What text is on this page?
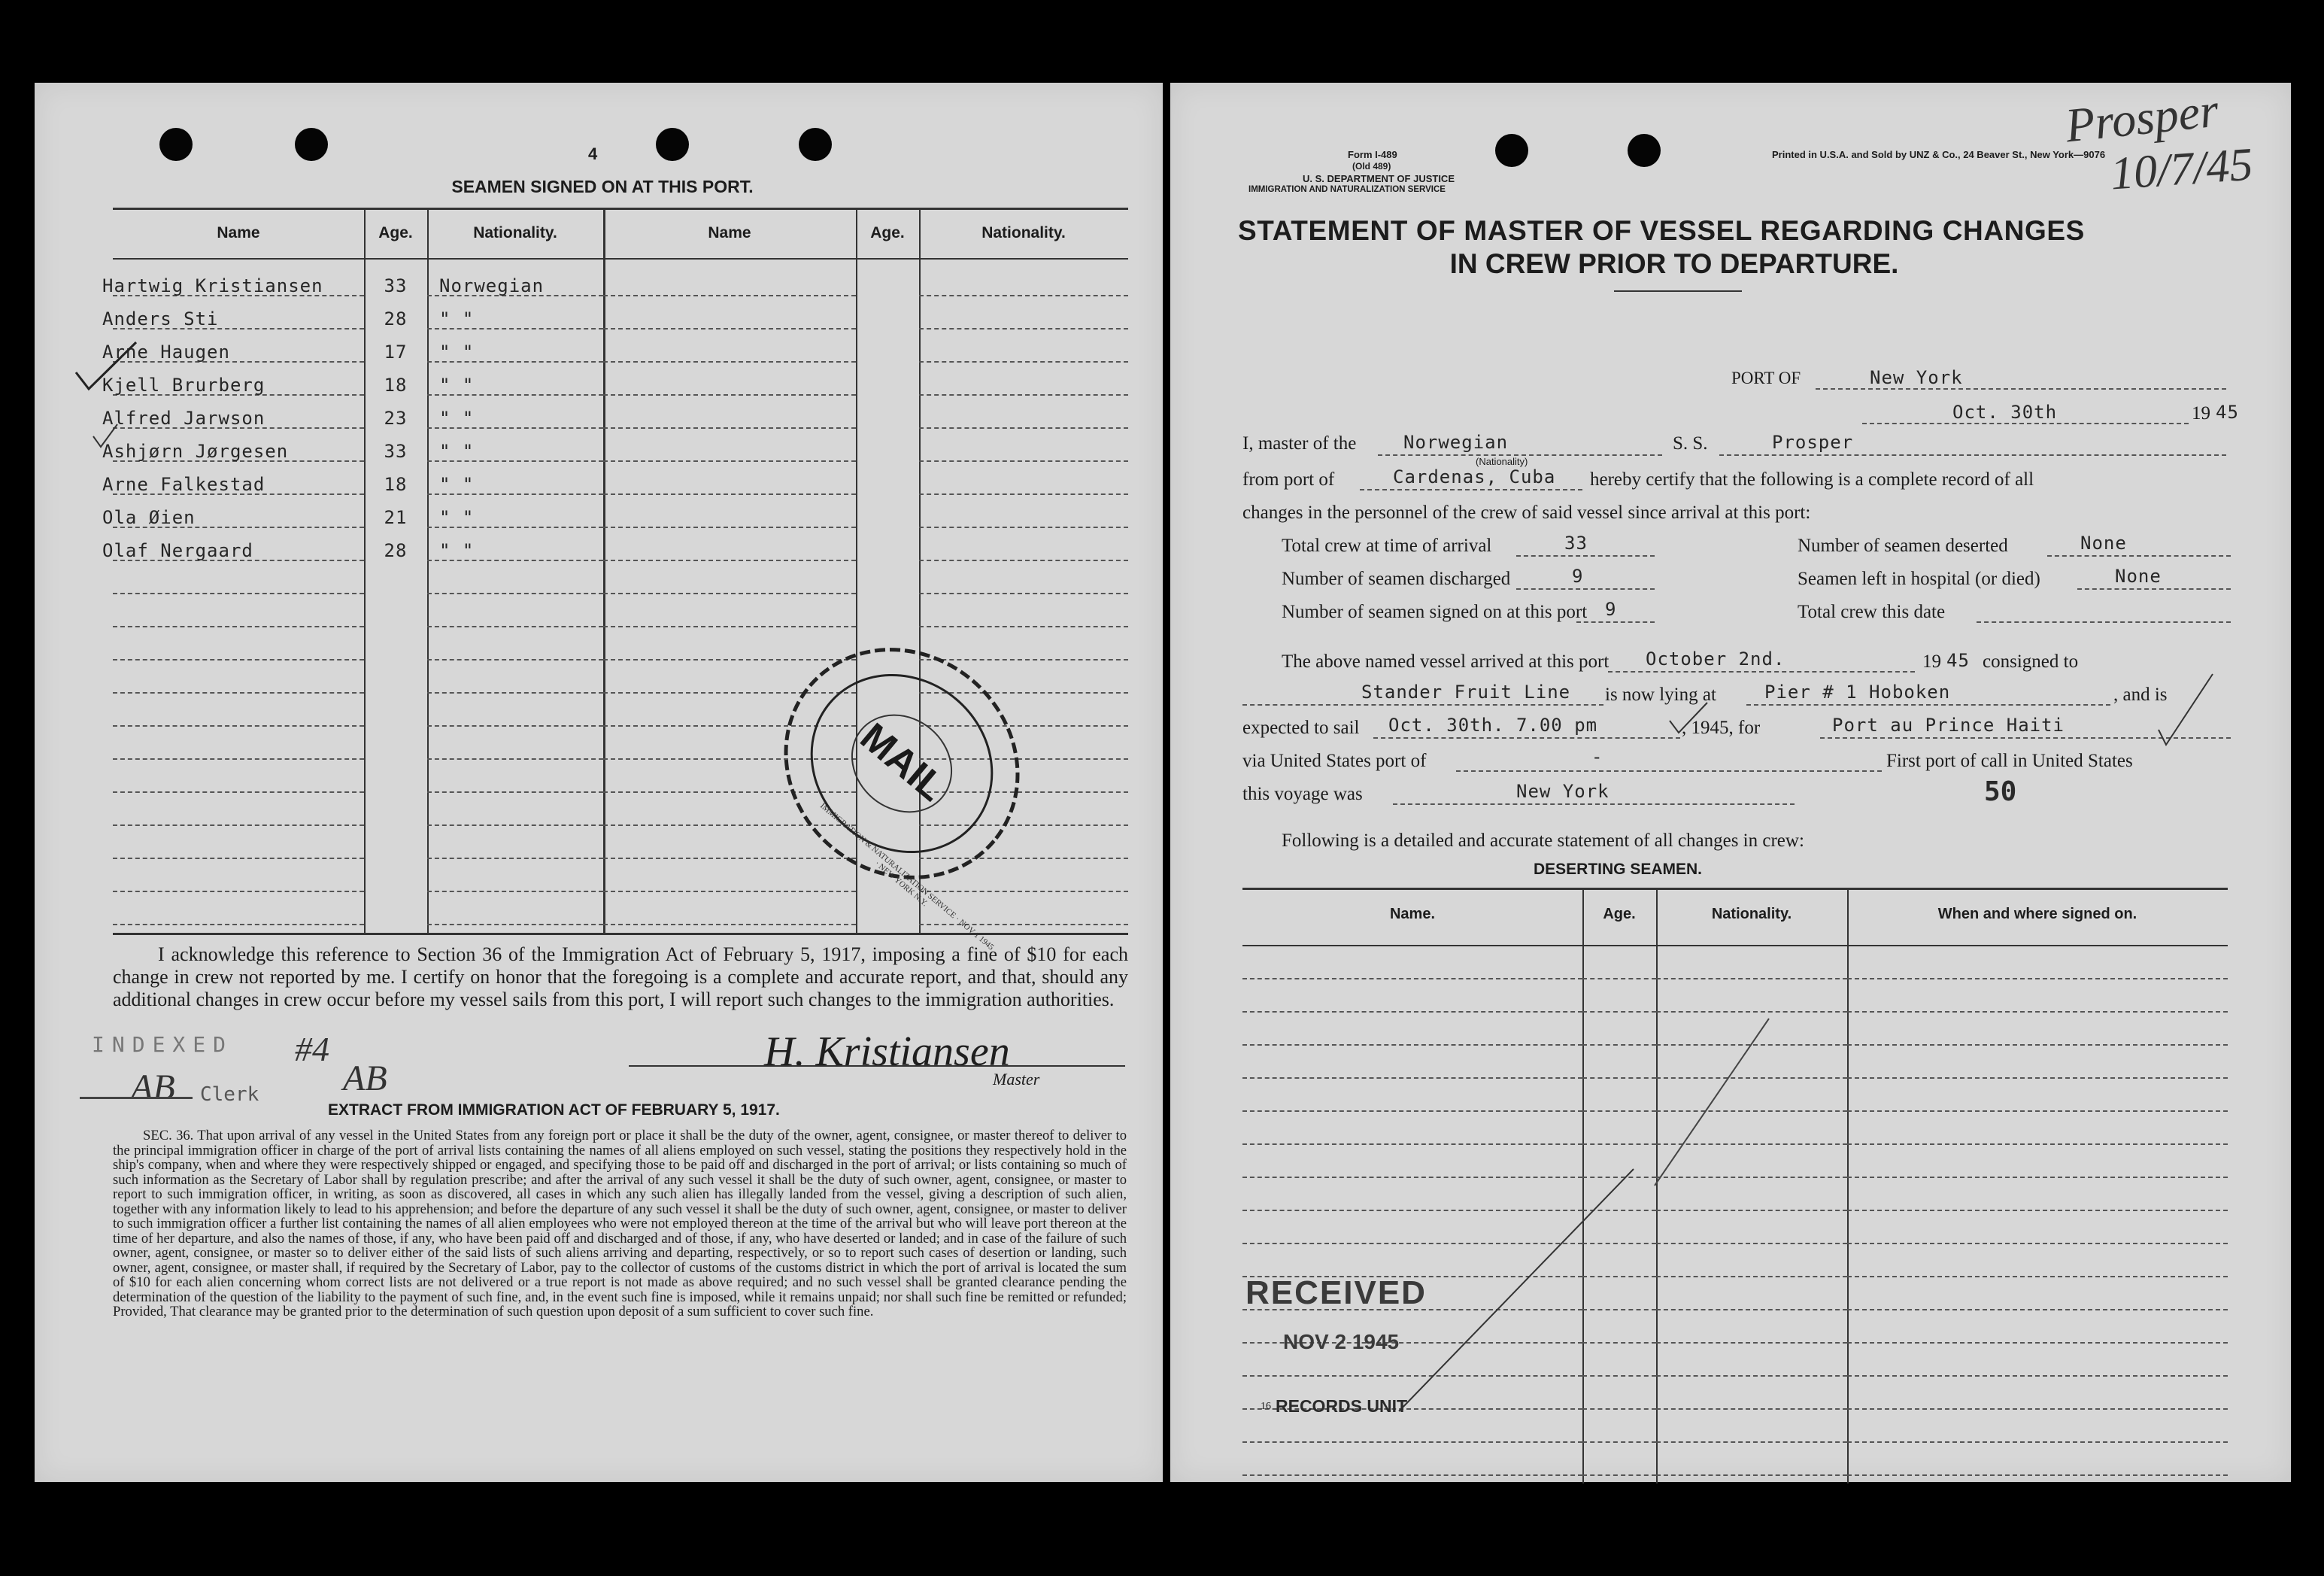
4
SEAMEN SIGNED ON AT THIS PORT.
Name	Age.	Nationality.	Name	Age.	Nationality.
Hartwig Kristiansen	33	Norwegian
Anders Sti	28	" "
Arne Haugen	17	" "
Kjell Brurberg	18	" "
Alfred Jarwson	23	" "
Ashjørn Jørgesen	33	" "
Arne Falkestad	18	" "
Ola Øien	21	" "
Olaf Nergaard	28	" "
MAIL
IMMIGRATION & NATURALIZATION SERVICE · NOV 1 1945 · NEW YORK N.Y.
I acknowledge this reference to Section 36 of the Immigration Act of February 5, 1917, imposing a fine of $10 for each change in crew not reported by me. I certify on honor that the foregoing is a complete and accurate report, and that, should any additional changes in crew occur before my vessel sails from this port, I will report such changes to the immigration authorities.
INDEXED #4
AB Clerk AB
H. Kristiansen
Master
EXTRACT FROM IMMIGRATION ACT OF FEBRUARY 5, 1917.
SEC. 36. That upon arrival of any vessel in the United States from any foreign port or place it shall be the duty of the owner, agent, consignee, or master thereof to deliver to the principal immigration officer in charge of the port of arrival lists containing the names of all aliens employed on such vessel, stating the positions they respectively hold in the ship's company, when and where they were respectively shipped or engaged, and specifying those to be paid off and discharged in the port of arrival; or lists containing so much of such information as the Secretary of Labor shall by regulation prescribe; and after the arrival of any such vessel it shall be the duty of such owner, agent, consignee, or master to report to such immigration officer, in writing, as soon as discovered, all cases in which any such alien has illegally landed from the vessel, giving a description of such alien, together with any information likely to lead to his apprehension; and before the departure of any such vessel it shall be the duty of such owner, agent, consignee, or master to deliver to such immigration officer a further list containing the names of all alien employees who were not employed thereon at the time of the arrival but who will leave port thereon at the time of her departure, and also the names of those, if any, who have been paid off and discharged and of those, if any, who have deserted or landed; and in case of the failure of such owner, agent, consignee, or master so to deliver either of the said lists of such aliens arriving and departing, respectively, or so to report such cases of desertion or landing, such owner, agent, consignee, or master shall, if required by the Secretary of Labor, pay to the collector of customs of the customs district in which the port of arrival is located the sum of $10 for each alien concerning whom correct lists are not delivered or a true report is not made as above required; and no such vessel shall be granted clearance pending the determination of the question of the liability to the payment of such fine, and, in the event such fine is imposed, while it remains unpaid; nor shall such fine be remitted or refunded; Provided, That clearance may be granted prior to the determination of such question upon deposit of a sum sufficient to cover such fine.
Form I-489
(Old 489)
U. S. DEPARTMENT OF JUSTICE
IMMIGRATION AND NATURALIZATION SERVICE
Printed in U.S.A. and Sold by UNZ & Co., 24 Beaver St., New York—9076
Prosper
10/7/45
STATEMENT OF MASTER OF VESSEL REGARDING CHANGES
IN CREW PRIOR TO DEPARTURE.
PORT OF	New York
Oct. 30th	19 45
I, master of the	Norwegian
(Nationality)
S. S.	Prosper
from port of	Cardenas, Cuba hereby certify that the following is a complete record of all
changes in the personnel of the crew of said vessel since arrival at this port:
Total crew at time of arrival	33	Number of seamen deserted	None
Number of seamen discharged	9	Seamen left in hospital (or died)	None
Number of seamen signed on at this port 9	Total crew this date
The above named vessel arrived at this port October 2nd.	19 45 consigned to
Stander Fruit Line is now lying at	Pier # 1 Hoboken	, and is
expected to sail Oct. 30th. 7.00 pm	, 1945, for	Port au Prince Haiti
via United States port of	-	First port of call in United States
this voyage was	New York	50
Following is a detailed and accurate statement of all changes in crew:
DESERTING SEAMEN.
Name.	Age.	Nationality.	When and where signed on.
RECEIVED
NOV 2 1945
16 RECORDS UNIT
